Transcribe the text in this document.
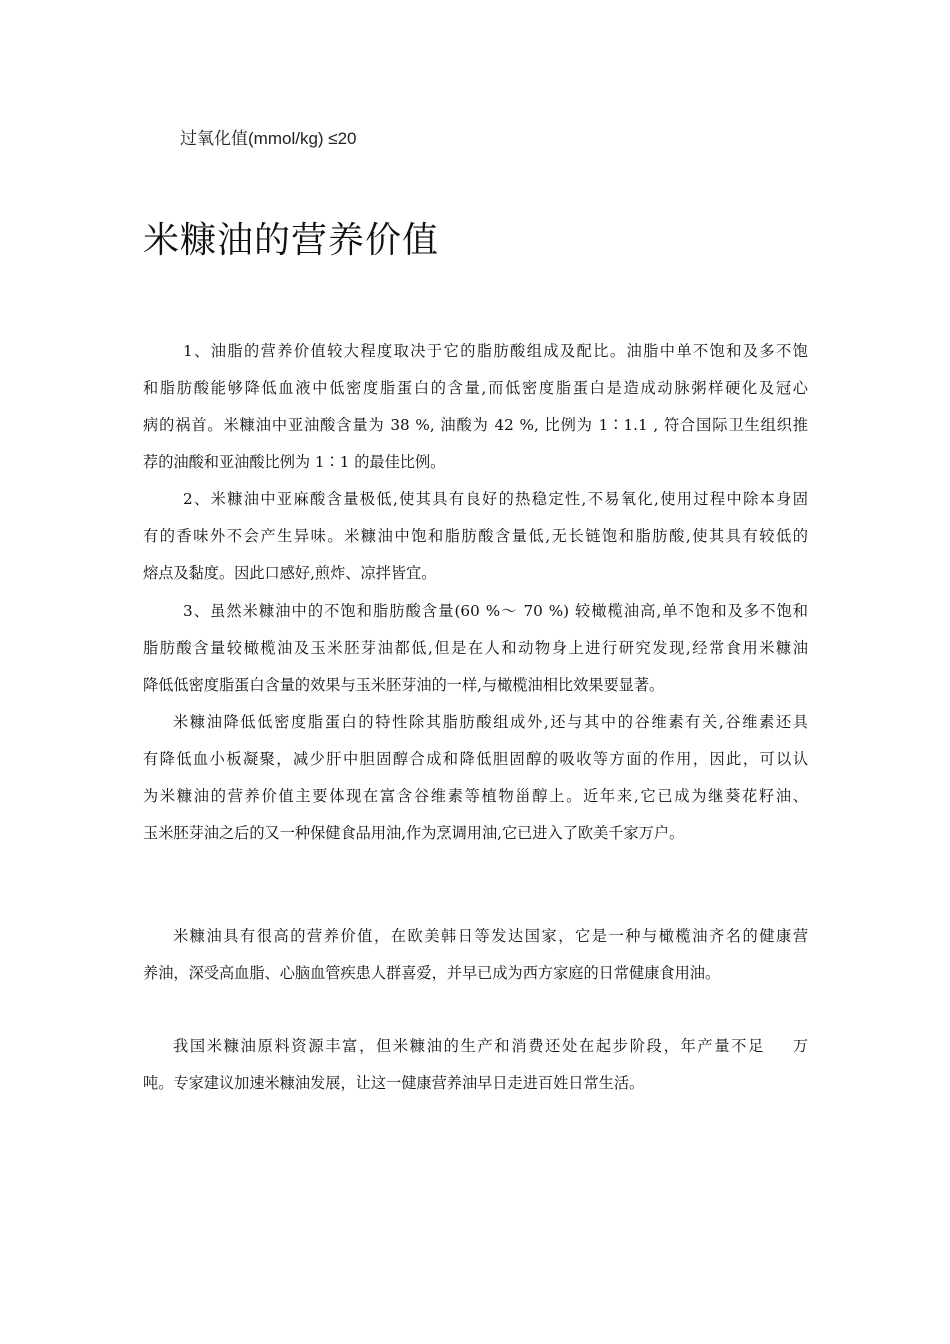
过氧化值(mmol/kg) ≤20
米糠油的营养价值
1、油脂的营养价值较大程度取决于它的脂肪酸组成及配比。油脂中单不饱和及多不饱
和脂肪酸能够降低血液中低密度脂蛋白的含量,而低密度脂蛋白是造成动脉粥样硬化及冠心
病的祸首。米糠油中亚油酸含量为 38 %, 油酸为 42 %, 比例为 1∶1.1 , 符合国际卫生组织推
荐的油酸和亚油酸比例为 1∶1 的最佳比例。
2、米糠油中亚麻酸含量极低,使其具有良好的热稳定性,不易氧化,使用过程中除本身固
有的香味外不会产生异味。米糠油中饱和脂肪酸含量低,无长链饱和脂肪酸,使其具有较低的
熔点及黏度。因此口感好,煎炸、凉拌皆宜。
3、虽然米糠油中的不饱和脂肪酸含量(60 %～ 70 %) 较橄榄油高,单不饱和及多不饱和
脂肪酸含量较橄榄油及玉米胚芽油都低,但是在人和动物身上进行研究发现,经常食用米糠油
降低低密度脂蛋白含量的效果与玉米胚芽油的一样,与橄榄油相比效果要显著。
米糠油降低低密度脂蛋白的特性除其脂肪酸组成外,还与其中的谷维素有关,谷维素还具
有降低血小板凝聚，减少肝中胆固醇合成和降低胆固醇的吸收等方面的作用，因此，可以认
为米糠油的营养价值主要体现在富含谷维素等植物甾醇上。近年来,它已成为继葵花籽油、
玉米胚芽油之后的又一种保健食品用油,作为烹调用油,它已进入了欧美千家万户。
米糠油具有很高的营养价值，在欧美韩日等发达国家，它是一种与橄榄油齐名的健康营
养油，深受高血脂、心脑血管疾患人群喜爱，并早已成为西方家庭的日常健康食用油。
我国米糠油原料资源丰富，但米糠油的生产和消费还处在起步阶段，年产量不足 万
吨。专家建议加速米糠油发展，让这一健康营养油早日走进百姓日常生活。
